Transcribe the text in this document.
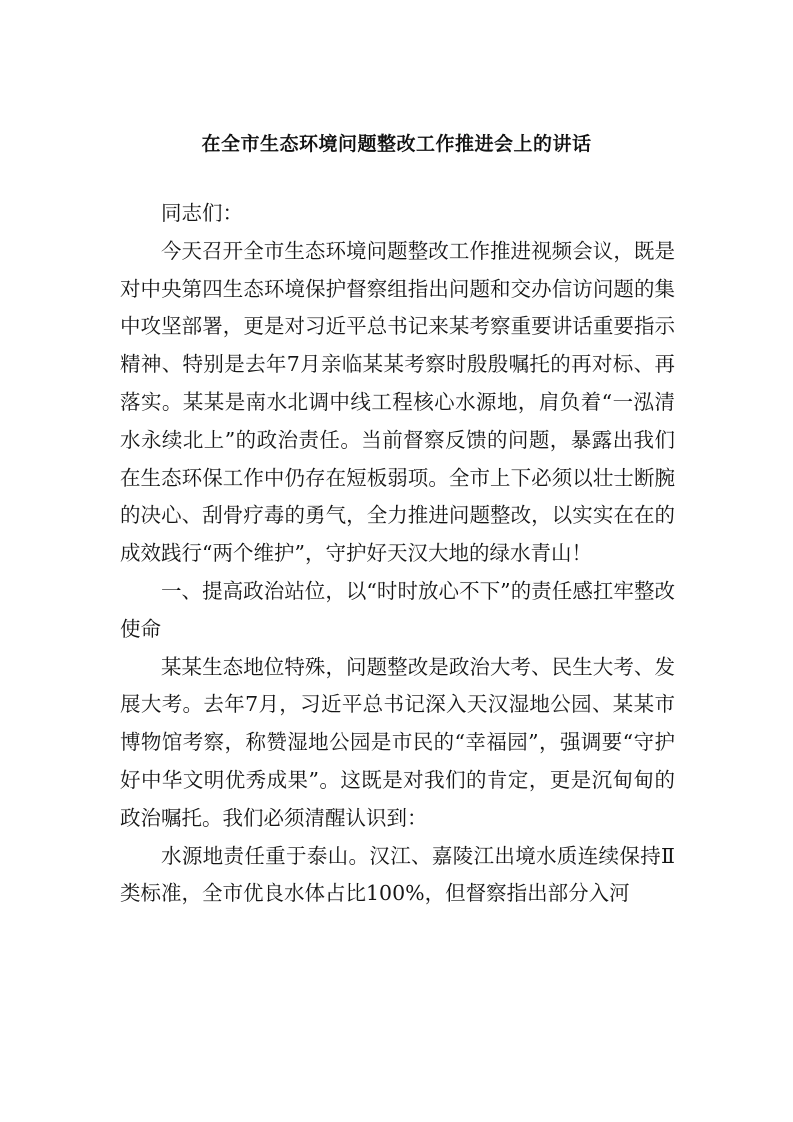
在全市生态环境问题整改工作推进会上的讲话

同志们：

今天召开全市生态环境问题整改工作推进视频会议，既是对中央第四生态环境保护督察组指出问题和交办信访问题的集中攻坚部署，更是对习近平总书记来某考察重要讲话重要指示精神、特别是去年7月亲临某某考察时殷殷嘱托的再对标、再落实。某某是南水北调中线工程核心水源地，肩负着“一泓清水永续北上”的政治责任。当前督察反馈的问题，暴露出我们在生态环保工作中仍存在短板弱项。全市上下必须以壮士断腕的决心、刮骨疗毒的勇气，全力推进问题整改，以实实在在的成效践行“两个维护”，守护好天汉大地的绿水青山！

一、提高政治站位，以“时时放心不下”的责任感扛牢整改使命

某某生态地位特殊，问题整改是政治大考、民生大考、发展大考。去年7月，习近平总书记深入天汉湿地公园、某某市博物馆考察，称赞湿地公园是市民的“幸福园”，强调要“守护好中华文明优秀成果”。这既是对我们的肯定，更是沉甸甸的政治嘱托。我们必须清醒认识到：

水源地责任重于泰山。汉江、嘉陵江出境水质连续保持Ⅱ类标准，全市优良水体占比100%，但督察指出部分入河
